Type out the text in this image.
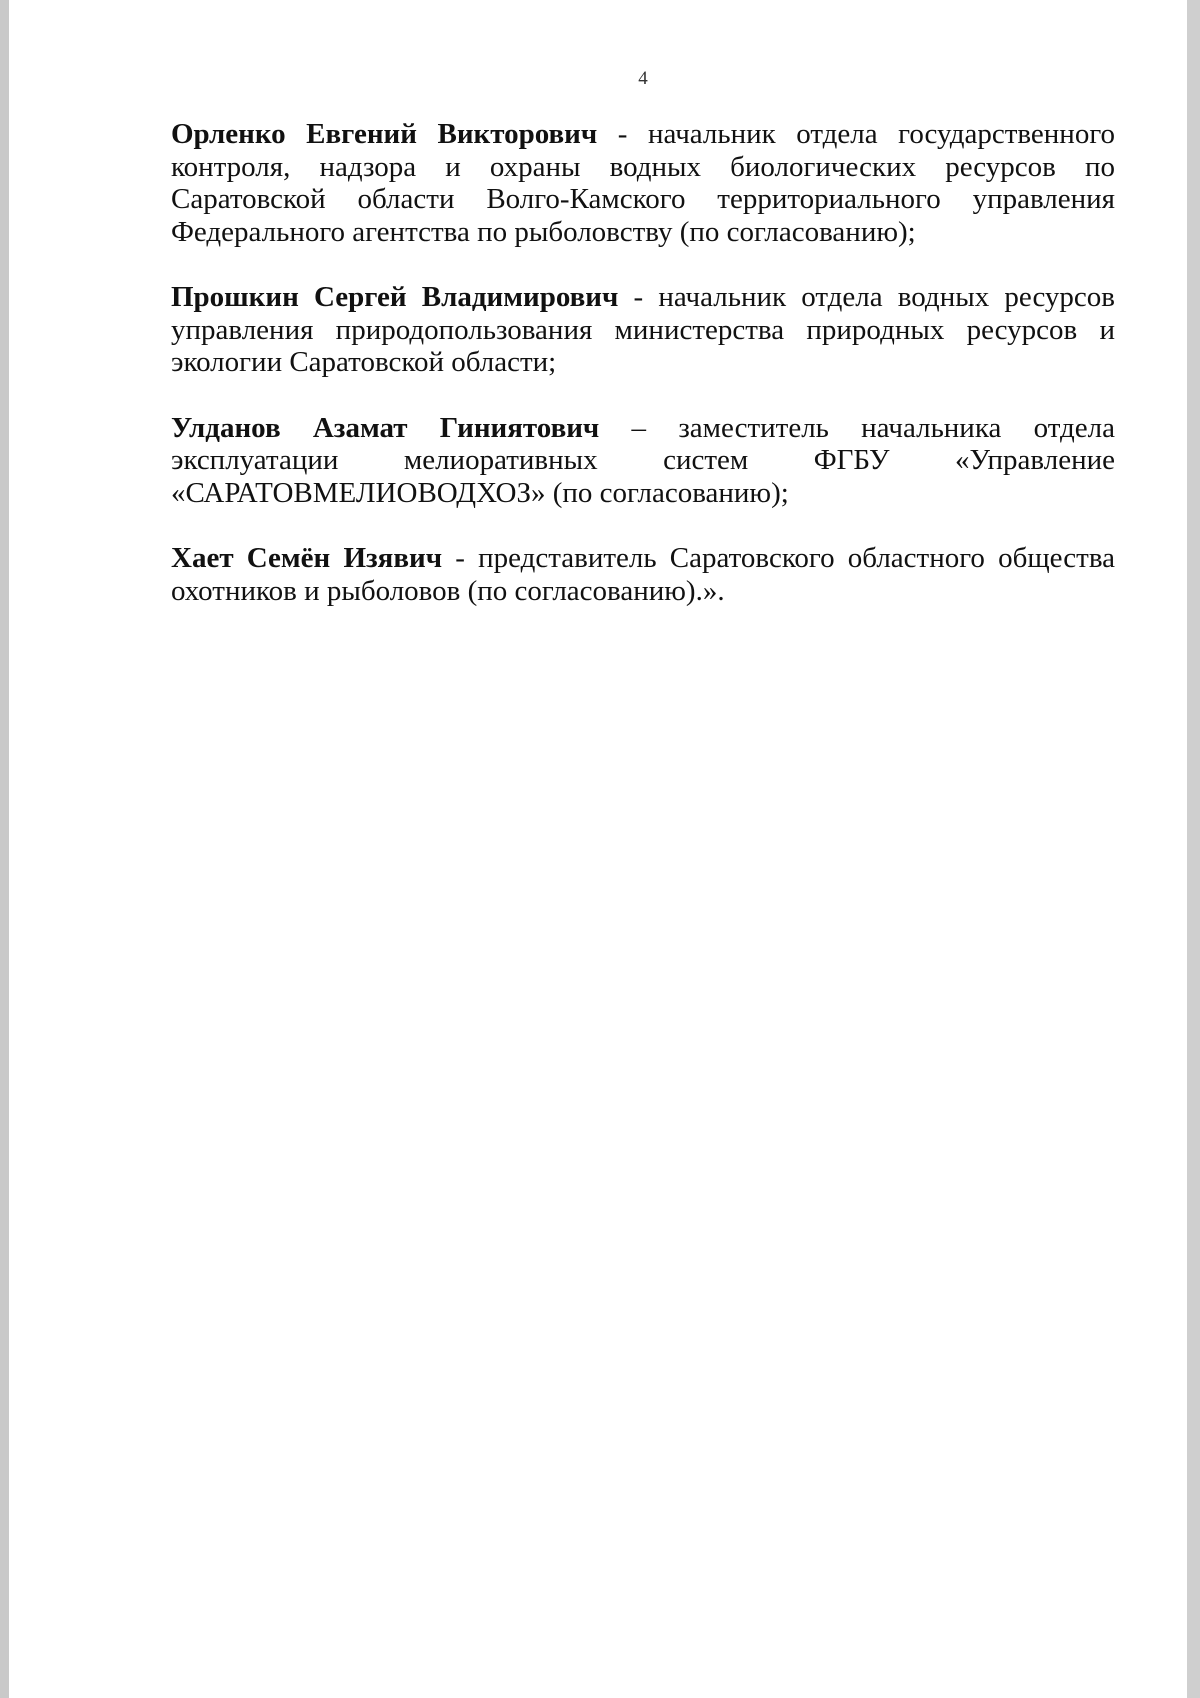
4

Орленко Евгений Викторович - начальник отдела государственного контроля, надзора и охраны водных биологических ресурсов по Саратовской области Волго-Камского территориального управления Федерального агентства по рыболовству (по согласованию);

Прошкин Сергей Владимирович - начальник отдела водных ресурсов управления природопользования министерства природных ресурсов и экологии Саратовской области;

Улданов Азамат Гиниятович – заместитель начальника отдела эксплуатации мелиоративных систем ФГБУ «Управление «САРАТОВМЕЛИОВОДХОЗ» (по согласованию);

Хает Семён Изявич - представитель Саратовского областного общества охотников и рыболовов (по согласованию).».
